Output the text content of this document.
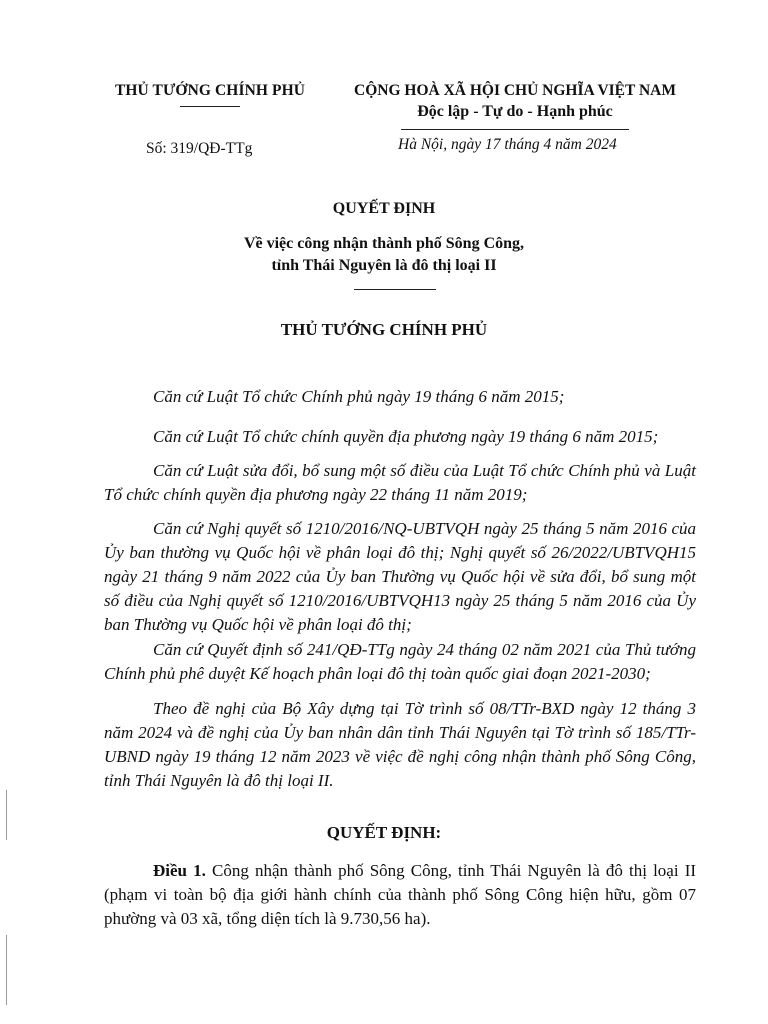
THỦ TƯỚNG CHÍNH PHỦ	CỘNG HOÀ XÃ HỘI CHỦ NGHĨA VIỆT NAM
Độc lập - Tự do - Hạnh phúc
Số: 319/QĐ-TTg	Hà Nội, ngày 17 tháng 4 năm 2024
QUYẾT ĐỊNH
Về việc công nhận thành phố Sông Công,
tỉnh Thái Nguyên là đô thị loại II
THỦ TƯỚNG CHÍNH PHỦ
Căn cứ Luật Tổ chức Chính phủ ngày 19 tháng 6 năm 2015;
Căn cứ Luật Tổ chức chính quyền địa phương ngày 19 tháng 6 năm 2015;
Căn cứ Luật sửa đổi, bổ sung một số điều của Luật Tổ chức Chính phủ và Luật Tổ chức chính quyền địa phương ngày 22 tháng 11 năm 2019;
Căn cứ Nghị quyết số 1210/2016/NQ-UBTVQH ngày 25 tháng 5 năm 2016 của Ủy ban thường vụ Quốc hội về phân loại đô thị; Nghị quyết số 26/2022/UBTVQH15 ngày 21 tháng 9 năm 2022 của Ủy ban Thường vụ Quốc hội về sửa đổi, bổ sung một số điều của Nghị quyết số 1210/2016/UBTVQH13 ngày 25 tháng 5 năm 2016 của Ủy ban Thường vụ Quốc hội về phân loại đô thị;
Căn cứ Quyết định số 241/QĐ-TTg ngày 24 tháng 02 năm 2021 của Thủ tướng Chính phủ phê duyệt Kế hoạch phân loại đô thị toàn quốc giai đoạn 2021-2030;
Theo đề nghị của Bộ Xây dựng tại Tờ trình số 08/TTr-BXD ngày 12 tháng 3 năm 2024 và đề nghị của Ủy ban nhân dân tỉnh Thái Nguyên tại Tờ trình số 185/TTr-UBND ngày 19 tháng 12 năm 2023 về việc đề nghị công nhận thành phố Sông Công, tỉnh Thái Nguyên là đô thị loại II.
QUYẾT ĐỊNH:
Điều 1. Công nhận thành phố Sông Công, tỉnh Thái Nguyên là đô thị loại II (phạm vi toàn bộ địa giới hành chính của thành phố Sông Công hiện hữu, gồm 07 phường và 03 xã, tổng diện tích là 9.730,56 ha).
